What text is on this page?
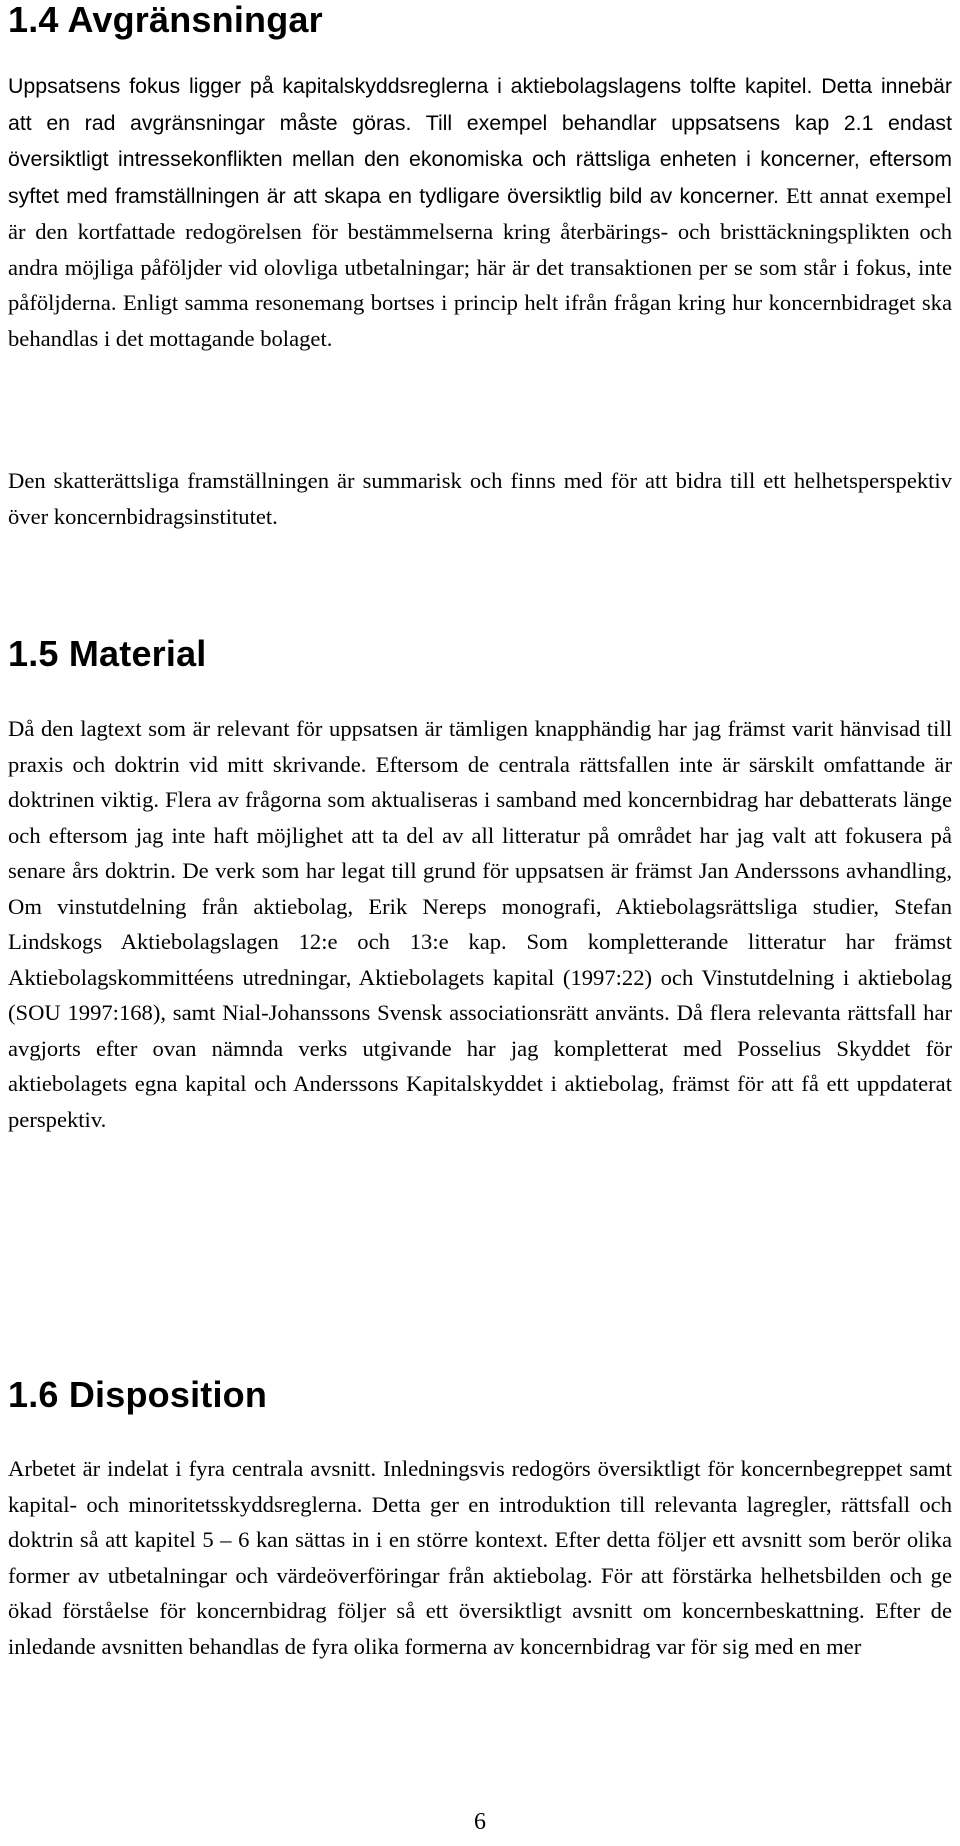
1.4 Avgränsningar

Uppsatsens fokus ligger på kapitalskyddsreglerna i aktiebolagslagens tolfte kapitel. Detta innebär att en rad avgränsningar måste göras. Till exempel behandlar uppsatsens kap 2.1 endast översiktligt intressekonflikten mellan den ekonomiska och rättsliga enheten i koncerner, eftersom syftet med framställningen är att skapa en tydligare översiktlig bild av koncerner. Ett annat exempel är den kortfattade redogörelsen för bestämmelserna kring återbärings- och bristtäckningsplikten och andra möjliga påföljder vid olovliga utbetalningar; här är det transaktionen per se som står i fokus, inte påföljderna. Enligt samma resonemang bortses i princip helt ifrån frågan kring hur koncernbidraget ska behandlas i det mottagande bolaget.

Den skatterättsliga framställningen är summarisk och finns med för att bidra till ett helhetsperspektiv över koncernbidragsinstitutet.

1.5 Material

Då den lagtext som är relevant för uppsatsen är tämligen knapphändig har jag främst varit hänvisad till praxis och doktrin vid mitt skrivande. Eftersom de centrala rättsfallen inte är särskilt omfattande är doktrinen viktig. Flera av frågorna som aktualiseras i samband med koncernbidrag har debatterats länge och eftersom jag inte haft möjlighet att ta del av all litteratur på området har jag valt att fokusera på senare års doktrin. De verk som har legat till grund för uppsatsen är främst Jan Anderssons avhandling, Om vinstutdelning från aktiebolag, Erik Nereps monografi, Aktiebolagsrättsliga studier, Stefan Lindskogs Aktiebolagslagen 12:e och 13:e kap. Som kompletterande litteratur har främst Aktiebolagskommittéens utredningar, Aktiebolagets kapital (1997:22) och Vinstutdelning i aktiebolag (SOU 1997:168), samt Nial-Johanssons Svensk associationsrätt använts. Då flera relevanta rättsfall har avgjorts efter ovan nämnda verks utgivande har jag kompletterat med Posselius Skyddet för aktiebolagets egna kapital och Anderssons Kapitalskyddet i aktiebolag, främst för att få ett uppdaterat perspektiv.

1.6 Disposition

Arbetet är indelat i fyra centrala avsnitt. Inledningsvis redogörs översiktligt för koncernbegreppet samt kapital- och minoritetsskyddsreglerna. Detta ger en introduktion till relevanta lagregler, rättsfall och doktrin så att kapitel 5 – 6 kan sättas in i en större kontext. Efter detta följer ett avsnitt som berör olika former av utbetalningar och värdeöverföringar från aktiebolag. För att förstärka helhetsbilden och ge ökad förståelse för koncernbidrag följer så ett översiktligt avsnitt om koncernbeskattning. Efter de inledande avsnitten behandlas de fyra olika formerna av koncernbidrag var för sig med en mer

6
